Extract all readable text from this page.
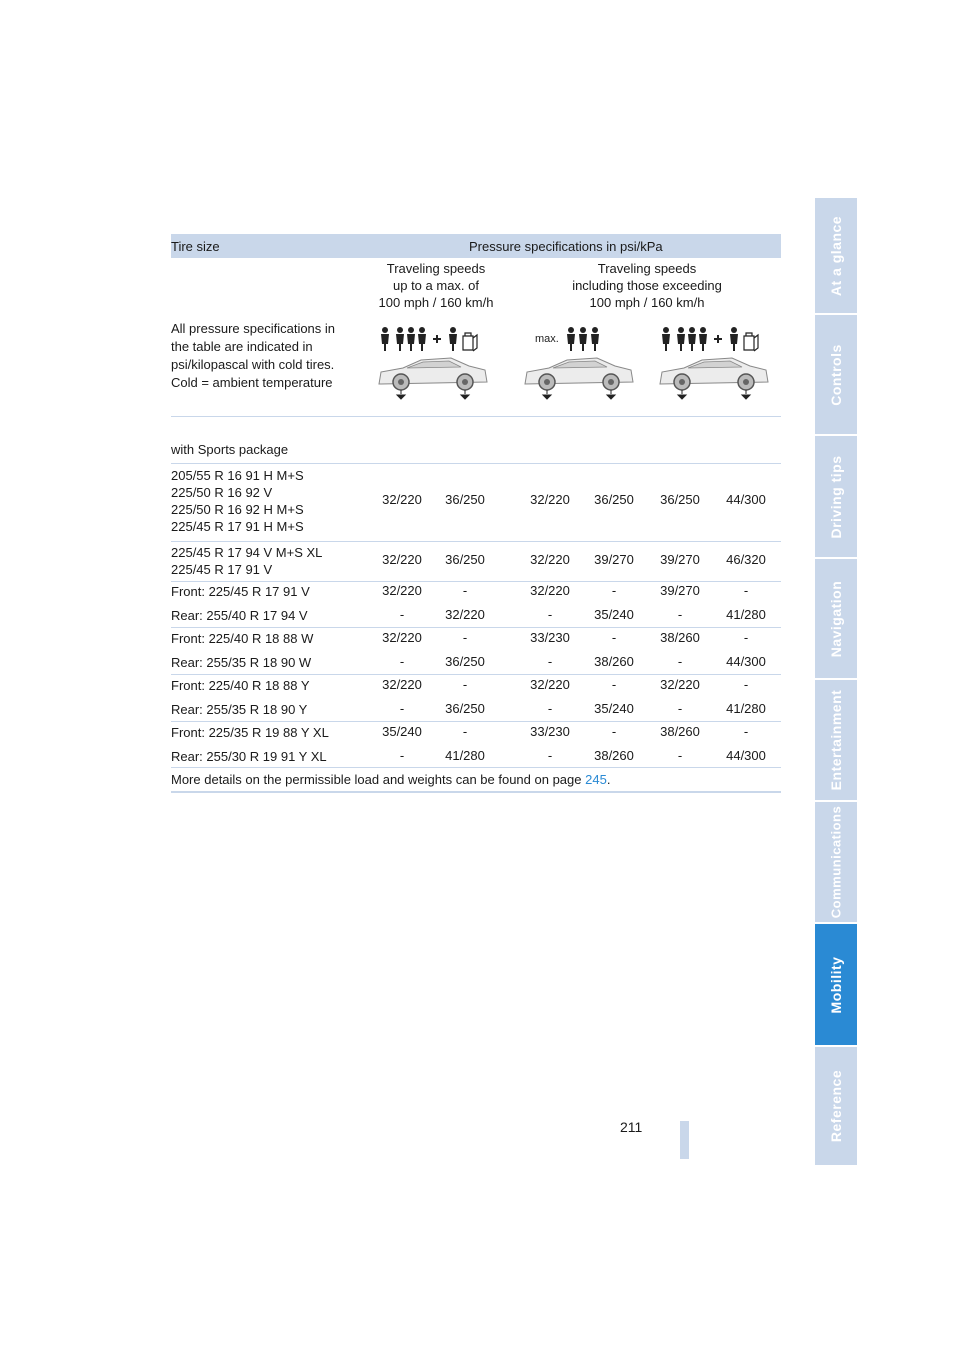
At a glance
Controls
Driving tips
Navigation
Entertainment
Communications
Mobility
Reference
Tire size	Pressure specifications in psi/kPa
Traveling speeds
up to a max. of
100 mph / 160 km/h
Traveling speeds
including those exceeding
100 mph / 160 km/h
All pressure specifications in the table are indicated in psi/kilopascal with cold tires. Cold = ambient temperature
max.
with Sports package
205/55 R 16 91 H M+S
225/50 R 16 92 V
225/50 R 16 92 H M+S
225/45 R 17 91 H M+S
32/220	36/250	32/220	36/250	36/250	44/300
225/45 R 17 94 V M+S XL
225/45 R 17 91 V
32/220	36/250	32/220	39/270	39/270	46/320
Front: 225/45 R 17 91 V	32/220	-	32/220	-	39/270	-
Rear: 255/40 R 17 94 V	-	32/220	-	35/240	-	41/280
Front: 225/40 R 18 88 W	32/220	-	33/230	-	38/260	-
Rear: 255/35 R 18 90 W	-	36/250	-	38/260	-	44/300
Front: 225/40 R 18 88 Y	32/220	-	32/220	-	32/220	-
Rear: 255/35 R 18 90 Y	-	36/250	-	35/240	-	41/280
Front: 225/35 R 19 88 Y XL	35/240	-	33/230	-	38/260	-
Rear: 255/30 R 19 91 Y XL	-	41/280	-	38/260	-	44/300
More details on the permissible load and weights can be found on page 245.
211
